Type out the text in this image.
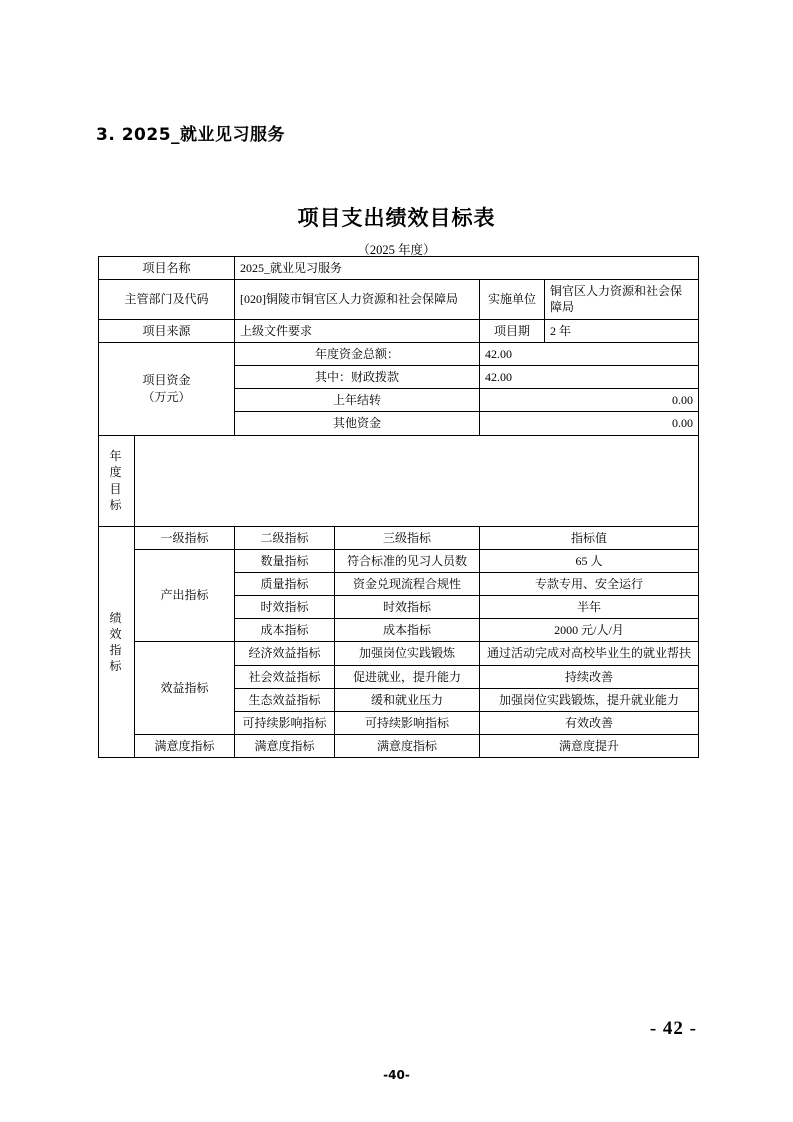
3. 2025_就业见习服务
项目支出绩效目标表
（2025 年度）
项目名称		2025_就业见习服务			
主管部门及代码		[020]铜陵市铜官区人力资源和社会保障局		实施单位	铜官区人力资源和社会保障局
项目来源		上级文件要求		项目期	2 年

项目资金
（万元）		年度资金总额：		42.00	
		其中：财政拨款		42.00	
		上年结转		0.00	
		其他资金		0.00	

年
度
目
标					

绩
效
指
标	一级指标	二级指标	三级指标	指标值	
	产出指标	数量指标	符合标准的见习人员数	65 人	
		质量指标	资金兑现流程合规性	专款专用、安全运行	
		时效指标	时效指标	半年	
		成本指标	成本指标	2000 元/人/月	
	效益指标	经济效益指标	加强岗位实践锻炼	通过活动完成对高校毕业生的就业帮扶	
		社会效益指标	促进就业，提升能力	持续改善	
		生态效益指标	缓和就业压力	加强岗位实践锻炼，提升就业能力	
		可持续影响指标	可持续影响指标	有效改善	
	满意度指标	满意度指标	满意度指标	满意度提升	
- 42 -
-40-
